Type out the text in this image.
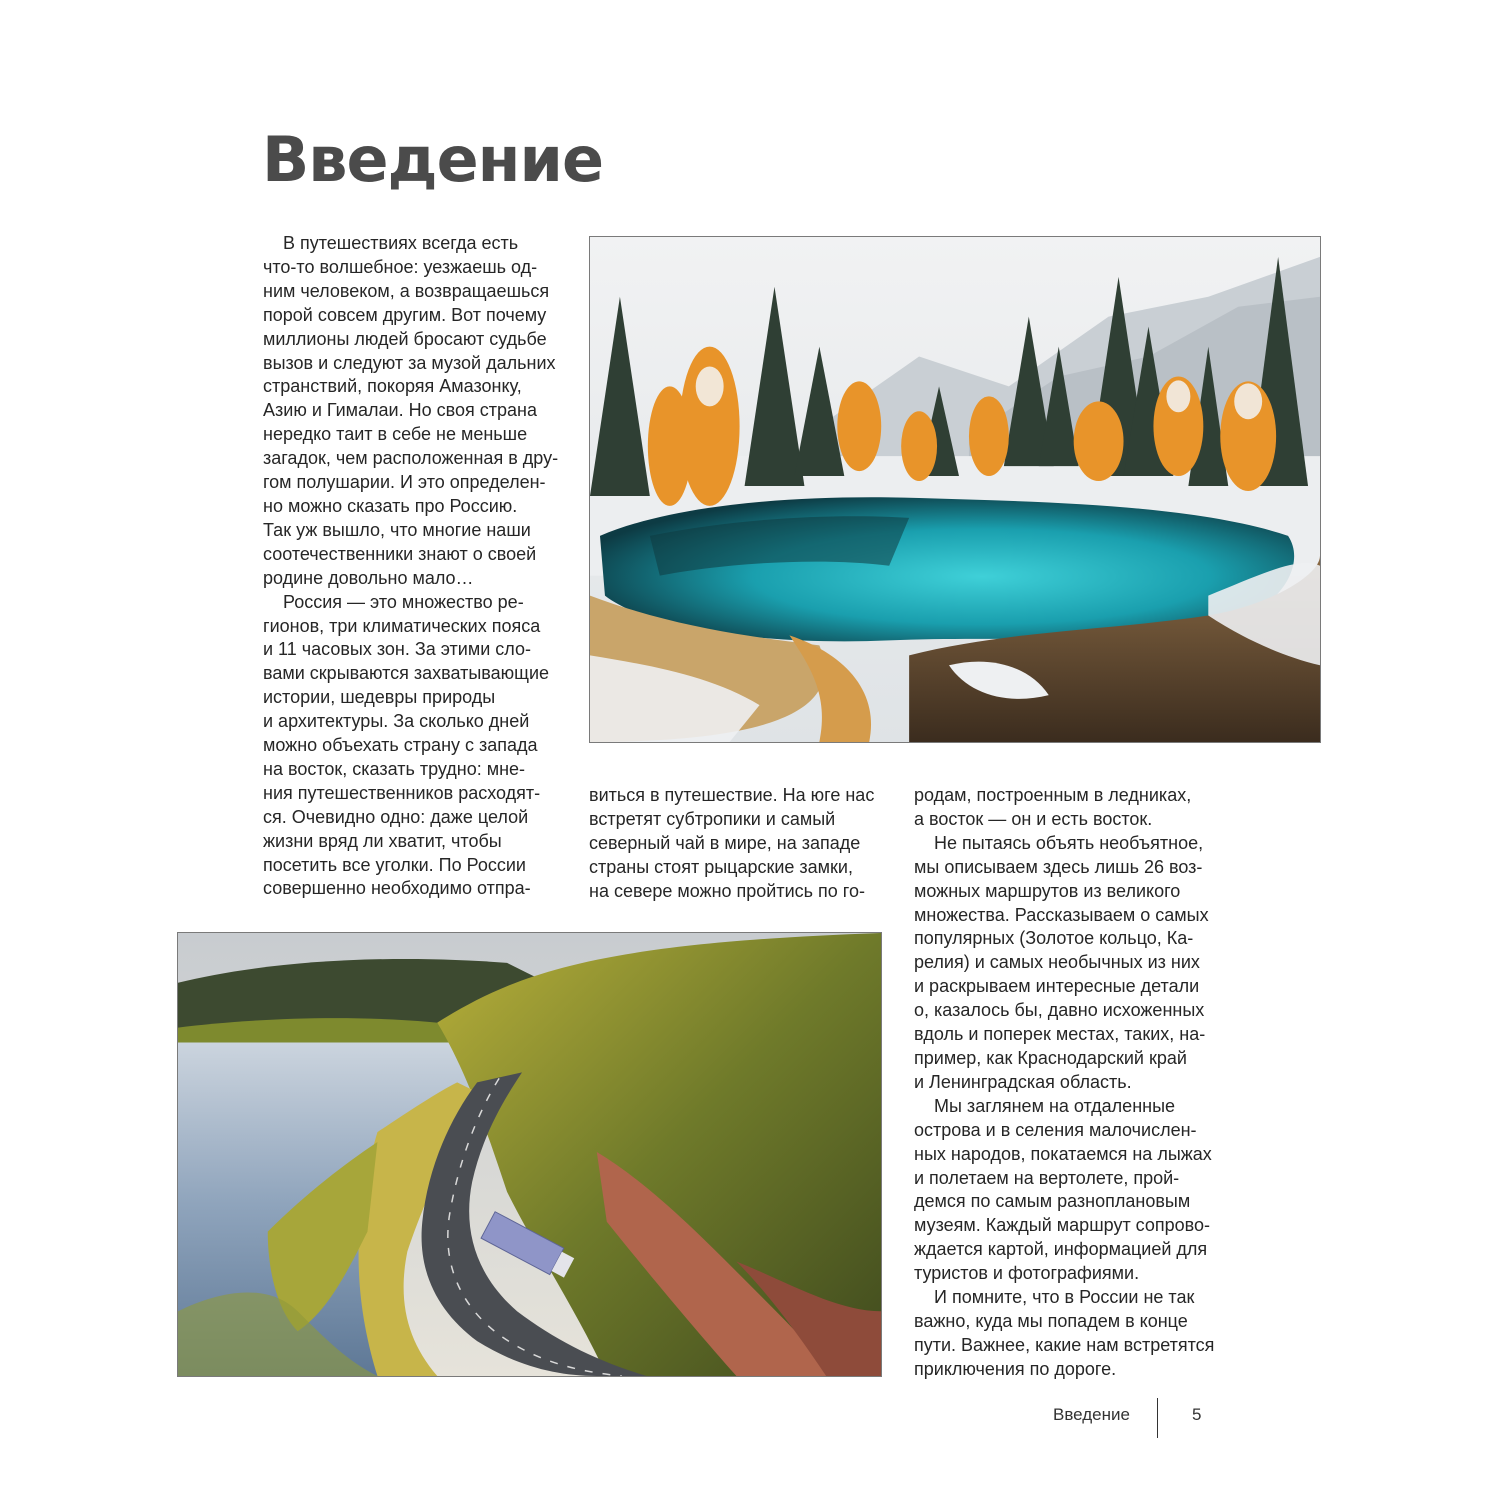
Введение
В путешествиях всегда есть
что-то волшебное: уезжаешь од-
ним человеком, а возвращаешься
порой совсем другим. Вот почему
миллионы людей бросают судьбе
вызов и следуют за музой дальних
странствий, покоряя Амазонку,
Азию и Гималаи. Но своя страна
нередко таит в себе не меньше
загадок, чем расположенная в дру-
гом полушарии. И это определен-
но можно сказать про Россию.
Так уж вышло, что многие наши
соотечественники знают о своей
родине довольно мало…
Россия — это множество ре-
гионов, три климатических пояса
и 11 часовых зон. За этими сло-
вами скрываются захватывающие
истории, шедевры природы
и архитектуры. За сколько дней
можно объехать страну с запада
на восток, сказать трудно: мне-
ния путешественников расходят-
ся. Очевидно одно: даже целой
жизни вряд ли хватит, чтобы
посетить все уголки. По России
совершенно необходимо отпра-
виться в путешествие. На юге нас
встретят субтропики и самый
северный чай в мире, на западе
страны стоят рыцарские замки,
на севере можно пройтись по го-
родам, построенным в ледниках,
а восток — он и есть восток.
Не пытаясь объять необъятное,
мы описываем здесь лишь 26 воз-
можных маршрутов из великого
множества. Рассказываем о самых
популярных (Золотое кольцо, Ка-
релия) и самых необычных из них
и раскрываем интересные детали
о, казалось бы, давно исхоженных
вдоль и поперек местах, таких, на-
пример, как Краснодарский край
и Ленинградская область.
Мы заглянем на отдаленные
острова и в селения малочислен-
ных народов, покатаемся на лыжах
и полетаем на вертолете, прой-
демся по самым разноплановым
музеям. Каждый маршрут сопрово-
ждается картой, информацией для
туристов и фотографиями.
И помните, что в России не так
важно, куда мы попадем в конце
пути. Важнее, какие нам встретятся
приключения по дороге.
Введение	5
